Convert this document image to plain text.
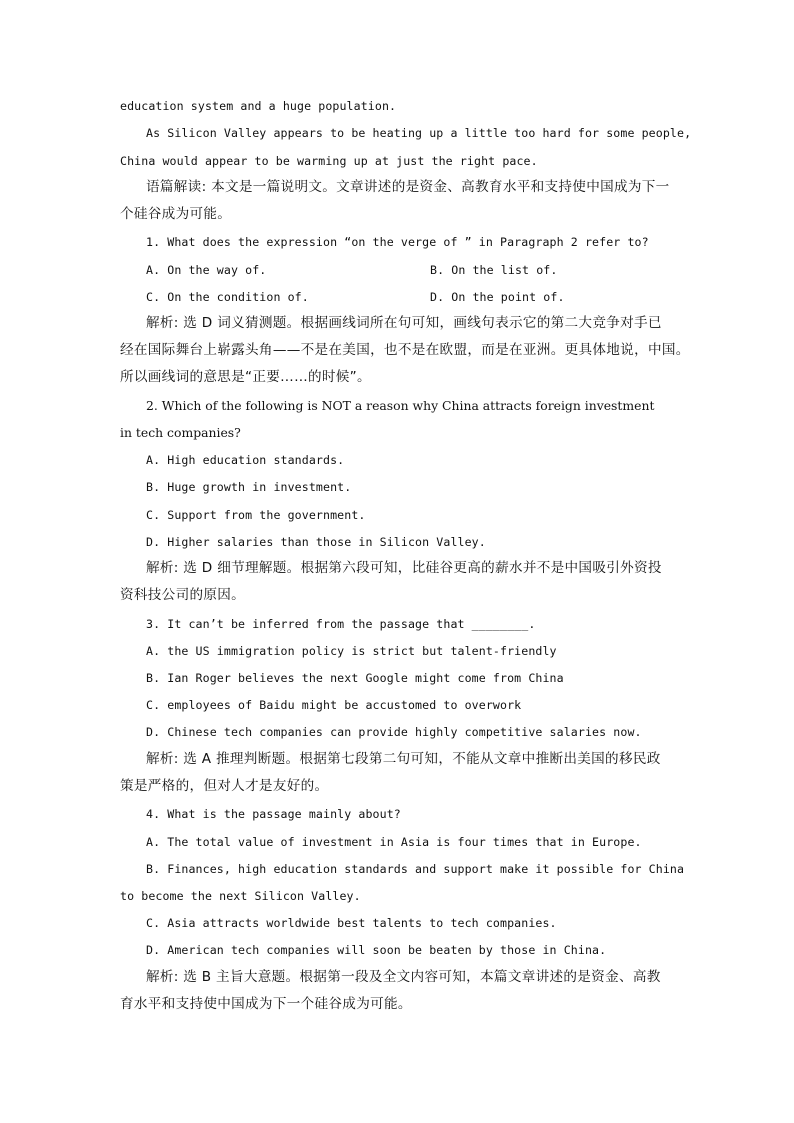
education system and a huge population.
As Silicon Valley appears to be heating up a little too hard for some people,
China would appear to be warming up at just the right pace.
语篇解读: 本文是一篇说明文。文章讲述的是资金、高教育水平和支持使中国成为下一
个硅谷成为可能。
1. What does the expression “on the verge of ” in Paragraph 2 refer to?
A. On the way of.	B. On the list of.
C. On the condition of.	D. On the point of.
解析: 选 D 词义猜测题。根据画线词所在句可知，画线句表示它的第二大竞争对手已
经在国际舞台上崭露头角——不是在美国，也不是在欧盟，而是在亚洲。更具体地说，中国。
所以画线词的意思是“正要……的时候”。
2. Which of the following is NOT a reason why China attracts foreign investment
in tech companies?
A. High education standards.
B. Huge growth in investment.
C. Support from the government.
D. Higher salaries than those in Silicon Valley.
解析: 选 D 细节理解题。根据第六段可知，比硅谷更高的薪水并不是中国吸引外资投
资科技公司的原因。
3. It can’t be inferred from the passage that ________.
A. the US immigration policy is strict but talent-friendly
B. Ian Roger believes the next Google might come from China
C. employees of Baidu might be accustomed to overwork
D. Chinese tech companies can provide highly competitive salaries now.
解析: 选 A 推理判断题。根据第七段第二句可知，不能从文章中推断出美国的移民政
策是严格的，但对人才是友好的。
4. What is the passage mainly about?
A. The total value of investment in Asia is four times that in Europe.
B. Finances, high education standards and support make it possible for China
to become the next Silicon Valley.
C. Asia attracts worldwide best talents to tech companies.
D. American tech companies will soon be beaten by those in China.
解析: 选 B 主旨大意题。根据第一段及全文内容可知，本篇文章讲述的是资金、高教
育水平和支持使中国成为下一个硅谷成为可能。
